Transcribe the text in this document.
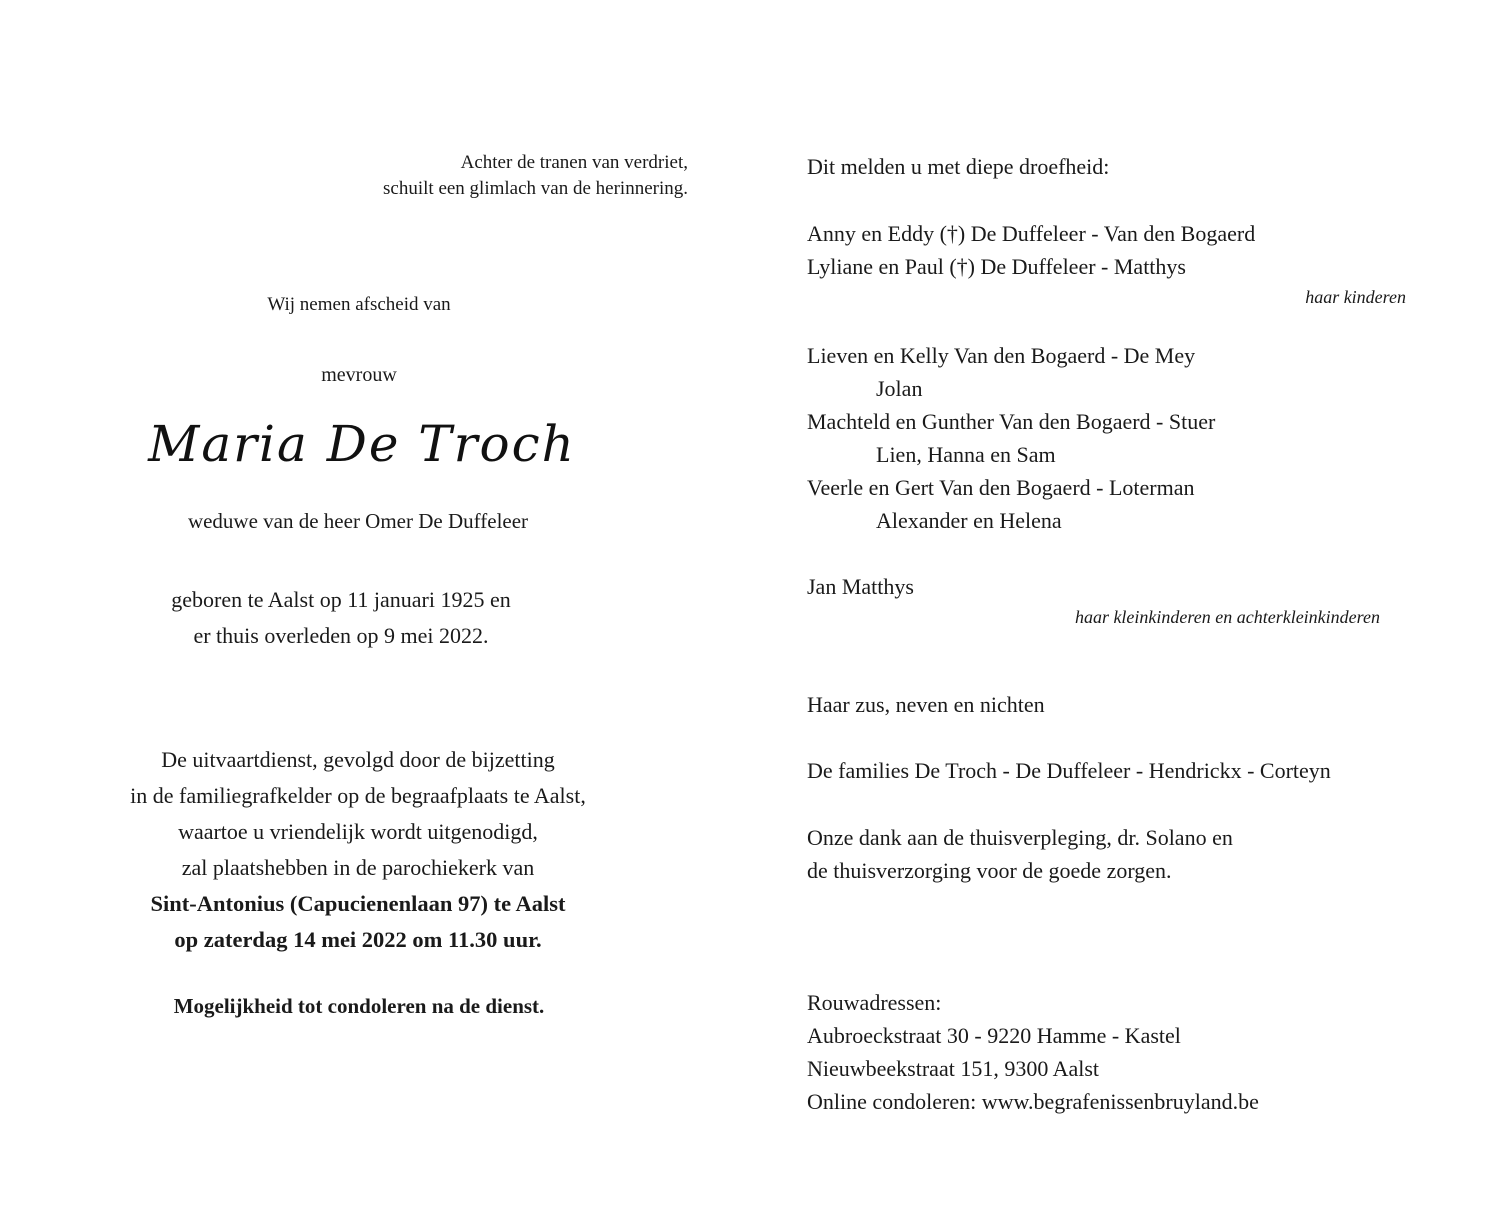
Achter de tranen van verdriet,
schuilt een glimlach van de herinnering.

Wij nemen afscheid van

mevrouw

Maria De Troch

weduwe van de heer Omer De Duffeleer

geboren te Aalst op 11 januari 1925 en
er thuis overleden op 9 mei 2022.
De uitvaartdienst, gevolgd door de bijzetting
in de familiegrafkelder op de begraafplaats te Aalst,
waartoe u vriendelijk wordt uitgenodigd,
zal plaatshebben in de parochiekerk van
Sint-Antonius (Capucienenlaan 97) te Aalst
op zaterdag 14 mei 2022 om 11.30 uur.

Mogelijkheid tot condoleren na de dienst.

Dit melden u met diepe droefheid:

Anny en Eddy (†) De Duffeleer - Van den Bogaerd
Lyliane en Paul (†) De Duffeleer - Matthys

haar kinderen

Lieven en Kelly Van den Bogaerd - De Mey
Jolan
Machteld en Gunther Van den Bogaerd - Stuer
Lien, Hanna en Sam
Veerle en Gert Van den Bogaerd - Loterman
Alexander en Helena

Jan Matthys

haar kleinkinderen en achterkleinkinderen

Haar zus, neven en nichten

De families De Troch - De Duffeleer - Hendrickx - Corteyn

Onze dank aan de thuisverpleging, dr. Solano en
de thuisverzorging voor de goede zorgen.
Rouwadressen:
Aubroeckstraat 30 - 9220 Hamme - Kastel
Nieuwbeekstraat 151, 9300 Aalst
Online condoleren: www.begrafenissenbruyland.be
